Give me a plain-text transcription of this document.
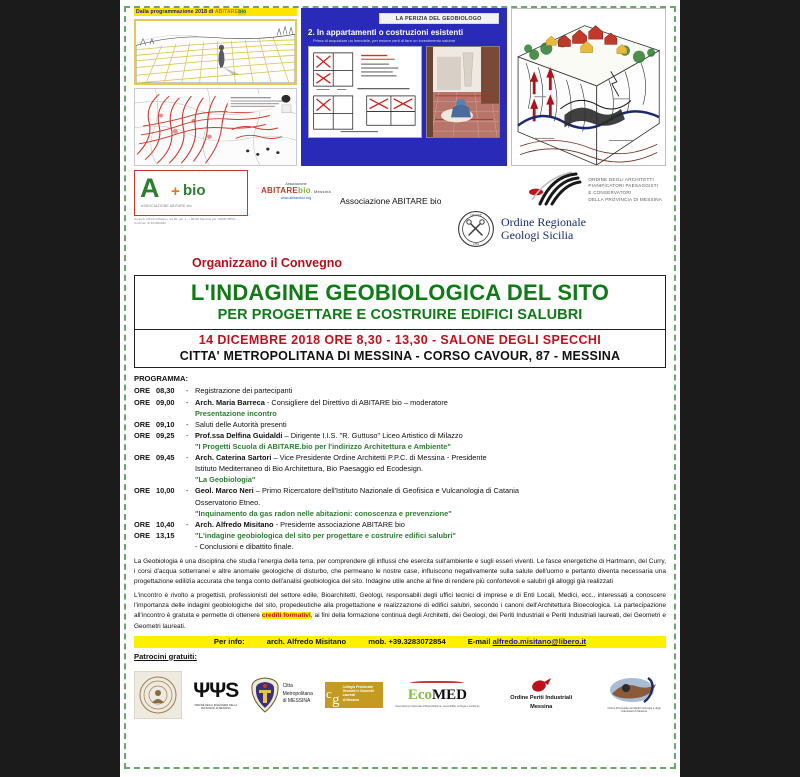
Dalla programmazione 2018 di ABITAREbio
LA PERIZIA DEL GEOBIOLOGO
2. In appartamenti o costruzioni esistenti
Prima di acquistare un immobile, per essere certi di fare un investimento salubre
A + bio
ASSOCIAZIONE ABITARE bio
via arch. Alfredo Misitano, via 50, pal. 4 — 98100 Messina (tel. 3283072854) — Cod.Fisc. 97104820836
Associazione
ABITAREbio- Messina
www.abitarebio.org	Associazione ABITARE bio
ORDINE DEGLI ARCHITETTI
PIANIFICATORI PAESAGGISTI
E CONSERVATORI
DELLA PROVINCIA DI MESSINA
ORDINE
1883
Ordine Regionale
Geologi Sicilia
Organizzano il Convegno
L'INDAGINE GEOBIOLOGICA DEL SITO
PER PROGETTARE E COSTRUIRE EDIFICI SALUBRI
14 DICEMBRE 2018 ORE 8,30 - 13,30 - SALONE DEGLI SPECCHI
CITTA' METROPOLITANA DI MESSINA - CORSO CAVOUR, 87 - MESSINA
PROGRAMMA:
ORE 08,30	- Registrazione dei partecipanti
ORE 09,00	- Arch. Maria Barreca - Consigliere del Direttivo di ABITARE bio – moderatore
Presentazione incontro
ORE 09,10	- Saluti delle Autorità presenti
ORE 09,25	- Prof.ssa Delfina Guidaldi – Dirigente I.I.S. "R. Guttuso" Liceo Artistico di Milazzo
"I Progetti Scuola di ABITARE.bio per l'indirizzo Architettura e Ambiente"
ORE 09,45	- Arch. Caterina Sartori – Vice Presidente Ordine Architetti P.P.C. di Messina - Presidente
Istituto Mediterraneo di Bio Architettura, Bio Paesaggio ed Ecodesign.
"La Geobiologia"
ORE 10,00	- Geol. Marco Neri – Primo Ricercatore dell'Istituto Nazionale di Geofisica e Vulcanologia di Catania
Osservatorio Etneo.
"Inquinamento da gas radon nelle abitazioni: conoscenza e prevenzione"
ORE 10,40	- Arch. Alfredo Misitano - Presidente associazione ABITARE bio
ORE 13,15	"L'indagine geobiologica del sito per progettare e costruire edifici salubri"
- Conclusioni e dibattito finale.
La Geobiologia è una disciplina che studia l'energia della terra, per comprendere gli influssi che esercita sull'ambiente e sugli esseri viventi. Le fasce energetiche di Hartmann, del Curry, i corsi d'acqua sotterranei e altre anomalie geologiche di disturbo, che permeano le nostre case, influiscono negativamente sulla salute dell'uomo e pertanto diventa necessaria una progettazione edilizia accurata che tenga conto dell'analisi geobiologica del sito. Indagine utile anche al fine di rendere più confortevoli e salubri gli alloggi già realizzati
L'incontro è rivolto a progettisti, professionisti del settore edile, Bioarchitetti, Geologi, responsabili degli uffici tecnici di imprese e di Enti Locali, Medici, ecc., interessati a conoscere l'importanza delle indagini geobiologiche del sito, propedeutiche alla progettazione e realizzazione di edifici salubri, secondo i canoni dell'Architettura Bioecologica. La partecipazione all'incontro è gratuita e permette di ottenere crediti formativi, ai fini della formazione continua degli Architetti, dei Geologi, dei Periti Industriali e Periti Industriali laureati, dei Geometri e Geometri laureati.
Per info:	arch. Alfredo Misitano	mob. +39.3283072854	E-mail alfredo.misitano@libero.it
Patrocini gratuiti:
ΨΨS
ORDINE DEGLI INGEGNERI DELLA PROVINCIA DI MESSINA
Citta
Metropolitana
di MESSINA
c g
Collegio Provinciale
Geometri e Geometri Laureati
di Messina	EcoMED
Associazione Nazionale di Bioarchitettura, sostenibilità, ecologia e Ambiente
Ordine Periti Industriali
Messina	Ordine Provinciale dei Medici Chirurghi e degli Odontoiatri di Messina
